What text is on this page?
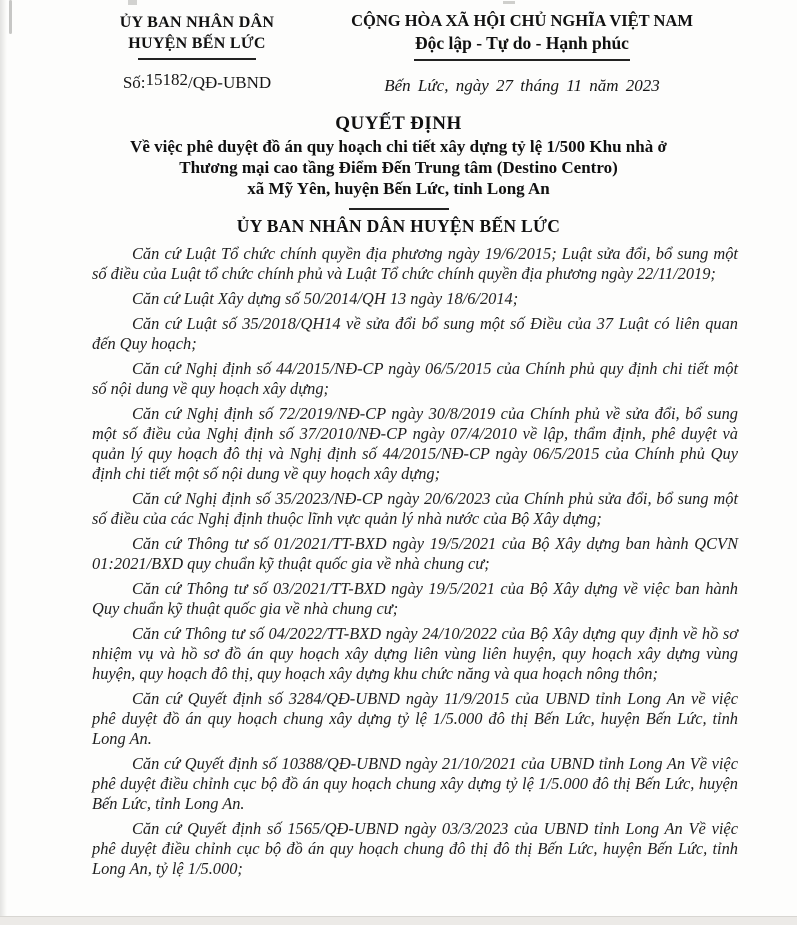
ỦY BAN NHÂN DÂN
HUYỆN BẾN LỨC
Số:15182/QĐ-UBND
CỘNG HÒA XÃ HỘI CHỦ NGHĨA VIỆT NAM
Độc lập - Tự do - Hạnh phúc
Bến Lức, ngày 27 tháng 11 năm 2023
QUYẾT ĐỊNH
Về việc phê duyệt đồ án quy hoạch chi tiết xây dựng tỷ lệ 1/500 Khu nhà ở
Thương mại cao tầng Điểm Đến Trung tâm (Destino Centro)
xã Mỹ Yên, huyện Bến Lức, tỉnh Long An
ỦY BAN NHÂN DÂN HUYỆN BẾN LỨC

Căn cứ Luật Tổ chức chính quyền địa phương ngày 19/6/2015; Luật sửa đổi, bổ sung một số điều của Luật tổ chức chính phủ và Luật Tổ chức chính quyền địa phương ngày 22/11/2019;

Căn cứ Luật Xây dựng số 50/2014/QH 13 ngày 18/6/2014;

Căn cứ Luật số 35/2018/QH14 về sửa đổi bổ sung một số Điều của 37 Luật có liên quan đến Quy hoạch;

Căn cứ Nghị định số 44/2015/NĐ-CP ngày 06/5/2015 của Chính phủ quy định chi tiết một số nội dung về quy hoạch xây dựng;

Căn cứ Nghị định số 72/2019/NĐ-CP ngày 30/8/2019 của Chính phủ về sửa đổi, bổ sung một số điều của Nghị định số 37/2010/NĐ-CP ngày 07/4/2010 về lập, thẩm định, phê duyệt và quản lý quy hoạch đô thị và Nghị định số 44/2015/NĐ-CP ngày 06/5/2015 của Chính phủ Quy định chi tiết một số nội dung về quy hoạch xây dựng;

Căn cứ Nghị định số 35/2023/NĐ-CP ngày 20/6/2023 của Chính phủ sửa đổi, bổ sung một số điều của các Nghị định thuộc lĩnh vực quản lý nhà nước của Bộ Xây dựng;

Căn cứ Thông tư số 01/2021/TT-BXD ngày 19/5/2021 của Bộ Xây dựng ban hành QCVN 01:2021/BXD quy chuẩn kỹ thuật quốc gia về nhà chung cư;

Căn cứ Thông tư số 03/2021/TT-BXD ngày 19/5/2021 của Bộ Xây dựng về việc ban hành Quy chuẩn kỹ thuật quốc gia về nhà chung cư;

Căn cứ Thông tư số 04/2022/TT-BXD ngày 24/10/2022 của Bộ Xây dựng quy định về hồ sơ nhiệm vụ và hồ sơ đồ án quy hoạch xây dựng liên vùng liên huyện, quy hoạch xây dựng vùng huyện, quy hoạch đô thị, quy hoạch xây dựng khu chức năng và qua hoạch nông thôn;

Căn cứ Quyết định số 3284/QĐ-UBND ngày 11/9/2015 của UBND tỉnh Long An về việc phê duyệt đồ án quy hoạch chung xây dựng tỷ lệ 1/5.000 đô thị Bến Lức, huyện Bến Lức, tỉnh Long An.

Căn cứ Quyết định số 10388/QĐ-UBND ngày 21/10/2021 của UBND tỉnh Long An Về việc phê duyệt điều chỉnh cục bộ đồ án quy hoạch chung xây dựng tỷ lệ 1/5.000 đô thị Bến Lức, huyện Bến Lức, tỉnh Long An.

Căn cứ Quyết định số 1565/QĐ-UBND ngày 03/3/2023 của UBND tỉnh Long An Về việc phê duyệt điều chỉnh cục bộ đồ án quy hoạch chung đô thị đô thị Bến Lức, huyện Bến Lức, tỉnh Long An, tỷ lệ 1/5.000;
